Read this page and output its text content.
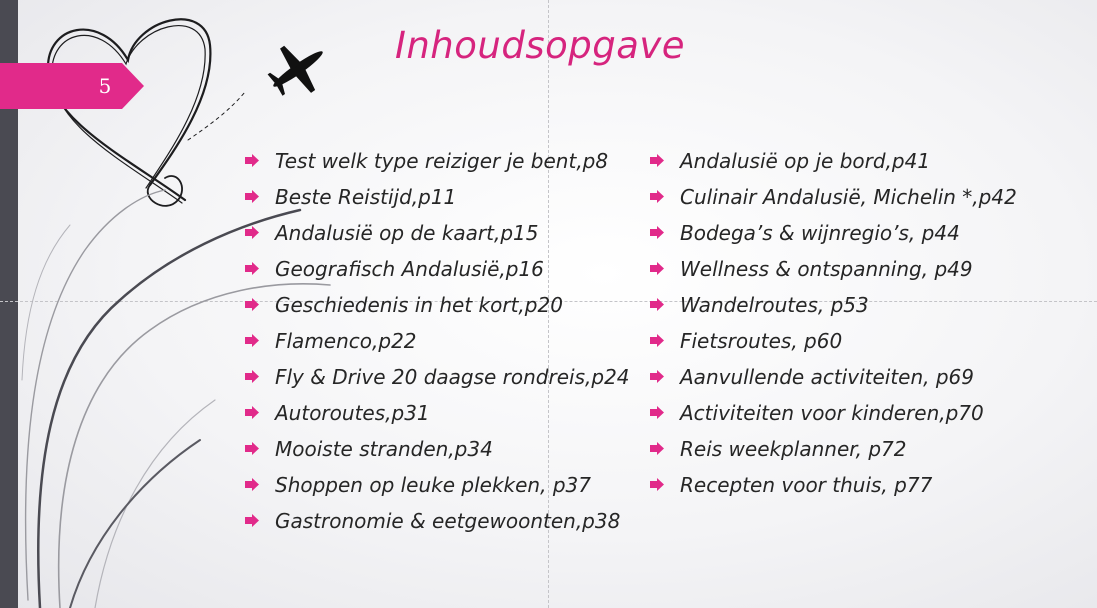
5
Inhoudsopgave
Test welk type reiziger je bent,p8
Beste Reistijd,p11
Andalusië op de kaart,p15
Geografisch Andalusië,p16
Geschiedenis in het kort,p20
Flamenco,p22
Fly & Drive 20 daagse rondreis,p24
Autoroutes,p31
Mooiste stranden,p34
Shoppen op leuke plekken, p37
Gastronomie & eetgewoonten,p38
Andalusië op je bord,p41
Culinair Andalusië, Michelin *,p42
Bodega’s & wijnregio’s, p44
Wellness & ontspanning, p49
Wandelroutes, p53
Fietsroutes, p60
Aanvullende activiteiten, p69
Activiteiten voor kinderen,p70
Reis weekplanner, p72
Recepten voor thuis, p77
